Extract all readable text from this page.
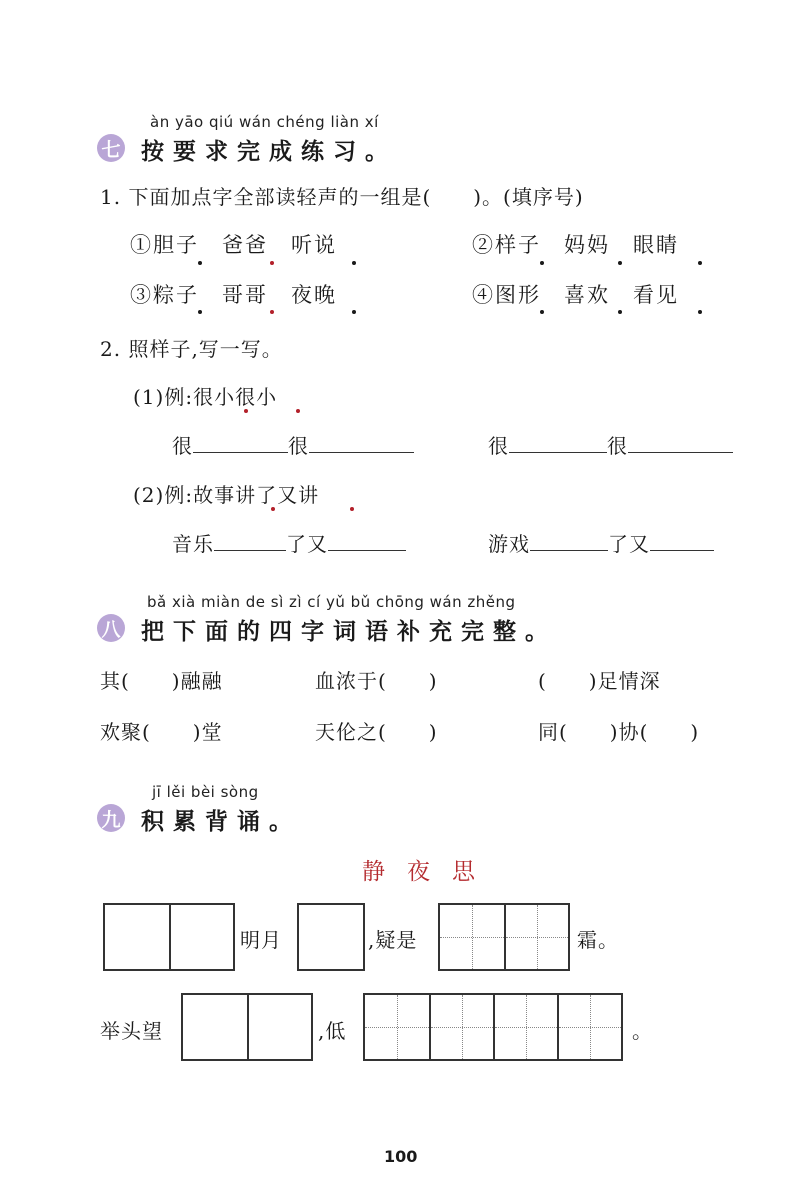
àn yāo qiú wán chéng liàn xí
七 按要求完成练习。
1. 下面加点字全部读轻声的一组是(　　)。(填序号)
①胆子　爸爸　听说	②样子　妈妈　眼睛
③粽子　哥哥　夜晚	④图形　喜欢　看见
2. 照样子,写一写。
(1)例:很小很小
很	很	很	很
(2)例:故事讲了又讲
音乐	了又	游戏	了又
bǎ xià miàn de sì zì cí yǔ bǔ chōng wán zhěng
八 把下面的四字词语补充完整。
其(　　)融融	血浓于(　　)	(　　)足情深
欢聚(　　)堂	天伦之(　　)	同(　　)协(　　)
jī lěi bèi sòng
九 积累背诵。
静夜思
明月	,疑是	霜。
举头望	,低	。
100
